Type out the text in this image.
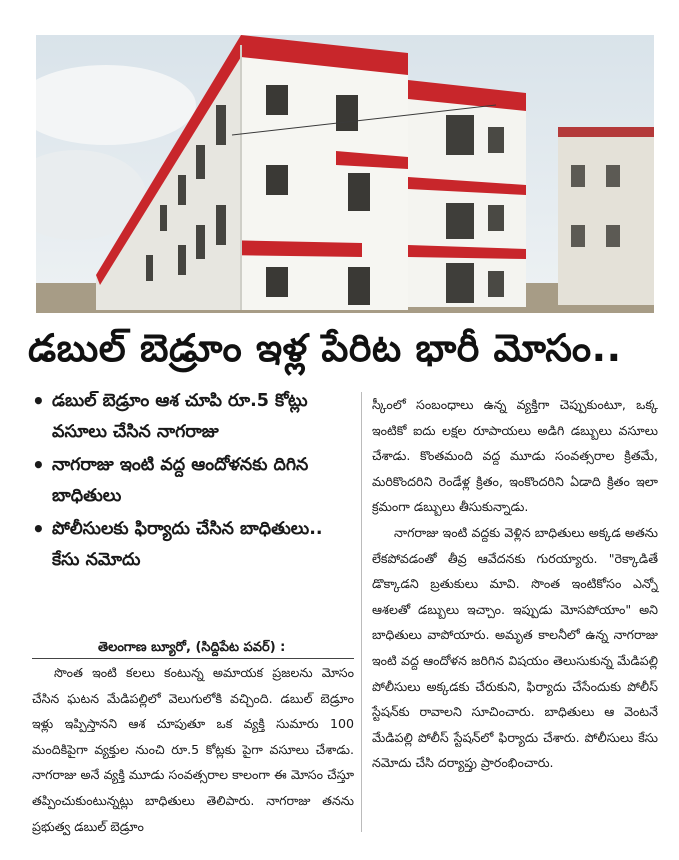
డబుల్ బెడ్రూం ఇళ్ల పేరిట భారీ మోసం..
• డబుల్ బెడ్రూం ఆశ చూపి రూ.5 కోట్లు వసూలు చేసిన నాగరాజు
• నాగరాజు ఇంటి వద్ద ఆందోళనకు దిగిన బాధితులు
• పోలీసులకు ఫిర్యాదు చేసిన బాధితులు.. కేసు నమోదు
తెలంగాణ బ్యూరో, (సిద్దిపేట పవర్) :

సొంత ఇంటి కలలు కంటున్న అమాయక ప్రజలను మోసం చేసిన ఘటన మేడిపల్లిలో వెలుగులోకి వచ్చింది. డబుల్ బెడ్రూం ఇళ్లు ఇప్పిస్తానని ఆశ చూపుతూ ఒక వ్యక్తి సుమారు 100 మందికిపైగా వ్యక్తుల నుంచి రూ.5 కోట్లకు పైగా వసూలు చేశాడు. నాగరాజు అనే వ్యక్తి మూడు సంవత్సరాల కాలంగా ఈ మోసం చేస్తూ తప్పించుకుంటున్నట్లు బాధితులు తెలిపారు. నాగరాజు తనను ప్రభుత్వ డబుల్ బెడ్రూం

స్కీంలో సంబంధాలు ఉన్న వ్యక్తిగా చెప్పుకుంటూ, ఒక్క ఇంటికో ఐదు లక్షల రూపాయలు అడిగి డబ్బులు వసూలు చేశాడు. కొంతమంది వద్ద మూడు సంవత్సరాల క్రితమే, మరికొందరిని రెండేళ్ల క్రితం, ఇంకొందరిని ఏడాది క్రితం ఇలా క్రమంగా డబ్బులు తీసుకున్నాడు.

నాగరాజు ఇంటి వద్దకు వెళ్లిన బాధితులు అక్కడ అతను లేకపోవడంతో తీవ్ర ఆవేదనకు గురయ్యారు. "రెక్కాడితే డొక్కాడని బ్రతుకులు మావి. సొంత ఇంటికోసం ఎన్నో ఆశలతో డబ్బులు ఇచ్చాం. ఇప్పుడు మోసపోయాం" అని బాధితులు వాపోయారు. అమృత కాలనీలో ఉన్న నాగరాజు ఇంటి వద్ద ఆందోళన జరిగిన విషయం తెలుసుకున్న మేడిపల్లి పోలీసులు అక్కడకు చేరుకుని, ఫిర్యాదు చేసేందుకు పోలీస్ స్టేషన్‌కు రావాలని సూచించారు. బాధితులు ఆ వెంటనే మేడిపల్లి పోలీస్ స్టేషన్‌లో ఫిర్యాదు చేశారు. పోలీసులు కేసు నమోదు చేసి దర్యాప్తు ప్రారంభించారు.
